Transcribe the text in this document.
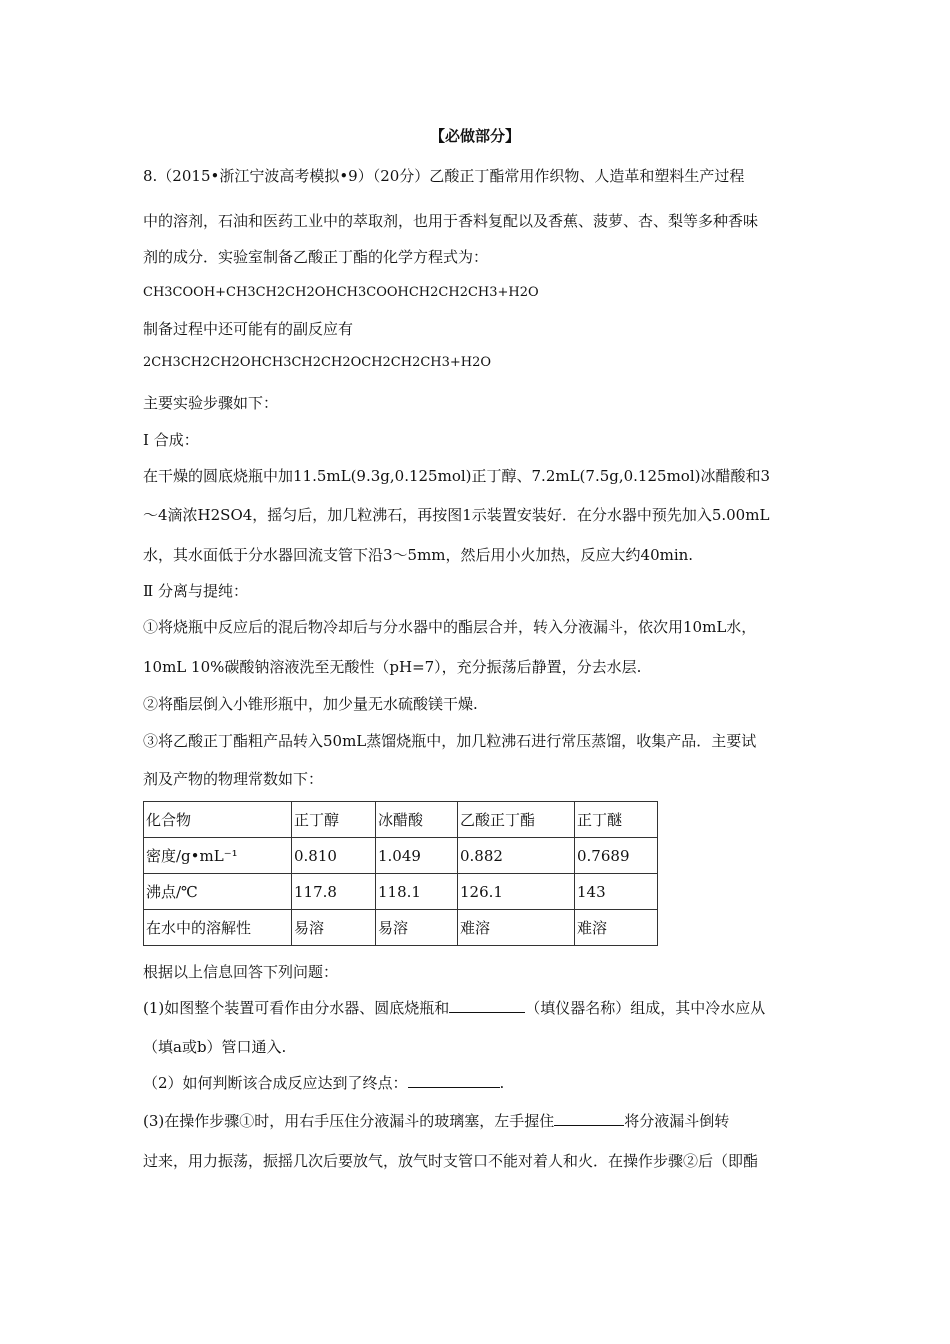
【必做部分】
8.（2015•浙江宁波高考模拟•9）（20分）乙酸正丁酯常用作织物、人造革和塑料生产过程
中的溶剂，石油和医药工业中的萃取剂，也用于香料复配以及香蕉、菠萝、杏、梨等多种香味
剂的成分．实验室制备乙酸正丁酯的化学方程式为：
CH3COOH+CH3CH2CH2OHCH3COOHCH2CH2CH3+H2O
制备过程中还可能有的副反应有
2CH3CH2CH2OHCH3CH2CH2OCH2CH2CH3+H2O
主要实验步骤如下：
Ⅰ 合成：
在干燥的圆底烧瓶中加11.5mL(9.3g,0.125mol)正丁醇、7.2mL(7.5g,0.125mol)冰醋酸和3
～4滴浓H2SO4，摇匀后，加几粒沸石，再按图1示装置安装好．在分水器中预先加入5.00mL
水，其水面低于分水器回流支管下沿3～5mm，然后用小火加热，反应大约40min.
Ⅱ 分离与提纯：
①将烧瓶中反应后的混后物冷却后与分水器中的酯层合并，转入分液漏斗，依次用10mL水，
10mL 10%碳酸钠溶液洗至无酸性（pH=7），充分振荡后静置，分去水层.
②将酯层倒入小锥形瓶中，加少量无水硫酸镁干燥.
③将乙酸正丁酯粗产品转入50mL蒸馏烧瓶中，加几粒沸石进行常压蒸馏，收集产品．主要试
剂及产物的物理常数如下：
化合物	正丁醇	冰醋酸	乙酸正丁酯	正丁醚
密度/g•mL⁻¹	0.810	1.049	0.882	0.7689
沸点/℃	117.8	118.1	126.1	143
在水中的溶解性	易溶	易溶	难溶	难溶
根据以上信息回答下列问题：
(1)如图整个装置可看作由分水器、圆底烧瓶和	（填仪器名称）组成，其中冷水应从
（填a或b）管口通入.
（2）如何判断该合成反应达到了终点：	.
(3)在操作步骤①时，用右手压住分液漏斗的玻璃塞，左手握住	将分液漏斗倒转
过来，用力振荡，振摇几次后要放气，放气时支管口不能对着人和火．在操作步骤②后（即酯
